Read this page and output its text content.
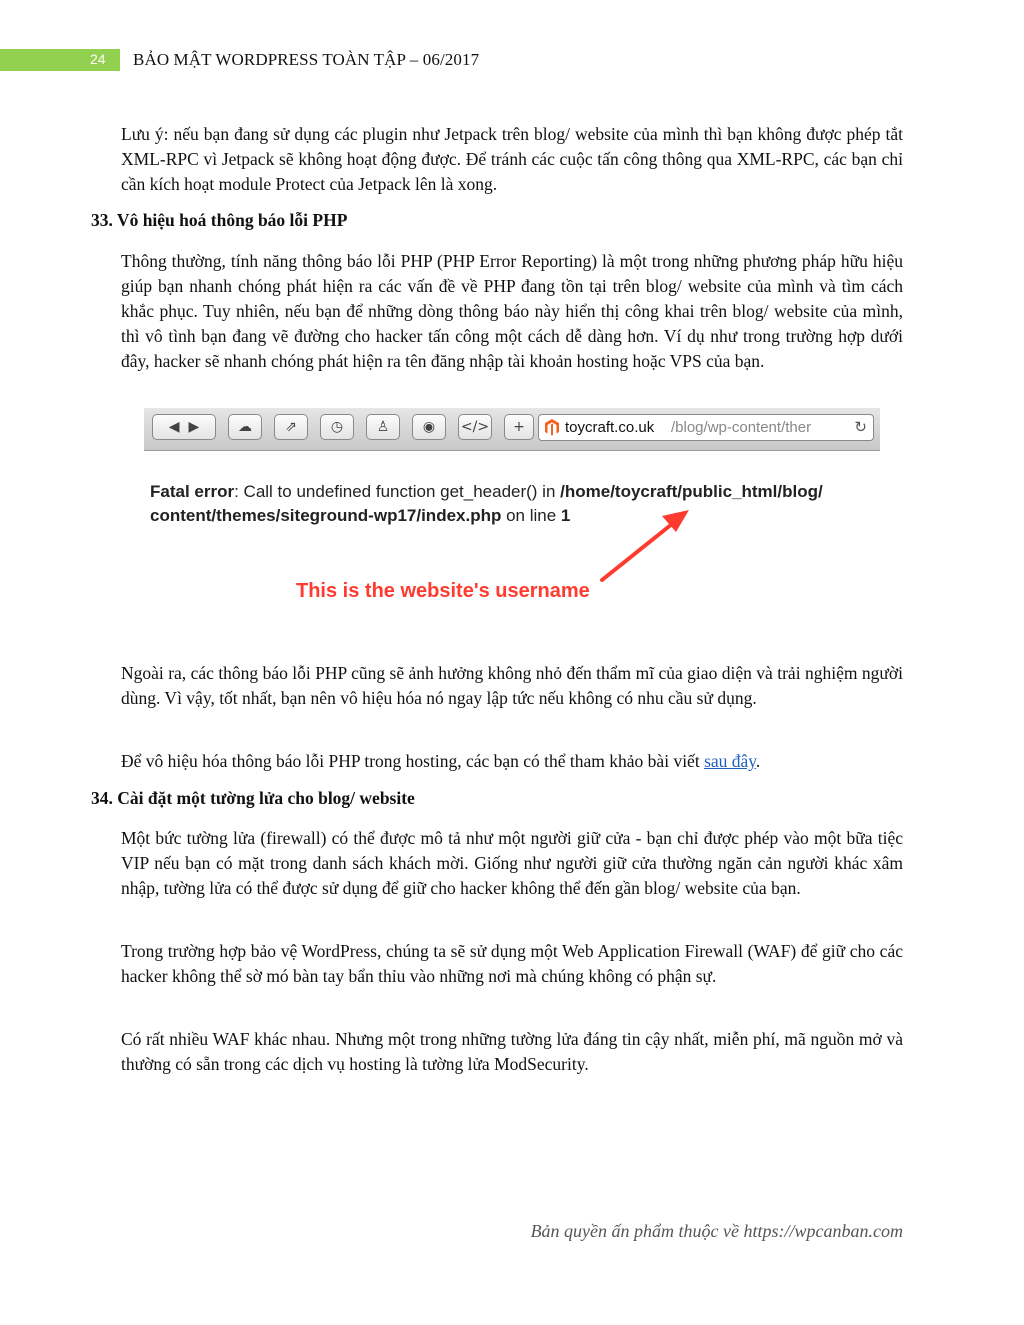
24 BẢO MẬT WORDPRESS TOÀN TẬP – 06/2017
Lưu ý: nếu bạn đang sử dụng các plugin như Jetpack trên blog/ website của mình thì bạn không được phép tắt XML-RPC vì Jetpack sẽ không hoạt động được. Để tránh các cuộc tấn công thông qua XML-RPC, các bạn chỉ cần kích hoạt module Protect của Jetpack lên là xong.
33. Vô hiệu hoá thông báo lỗi PHP
Thông thường, tính năng thông báo lỗi PHP (PHP Error Reporting) là một trong những phương pháp hữu hiệu giúp bạn nhanh chóng phát hiện ra các vấn đề về PHP đang tồn tại trên blog/ website của mình và tìm cách khắc phục. Tuy nhiên, nếu bạn để những dòng thông báo này hiển thị công khai trên blog/ website của mình, thì vô tình bạn đang vẽ đường cho hacker tấn công một cách dễ dàng hơn. Ví dụ như trong trường hợp dưới đây, hacker sẽ nhanh chóng phát hiện ra tên đăng nhập tài khoản hosting hoặc VPS của bạn.
◀
▶	☁ ⇗ ◷ ♙ ◉ </> +	toycraft.co.uk /blog/wp-content/ther	↻
Fatal error: Call to undefined function get_header() in /home/toycraft/public_html/blog/
content/themes/siteground-wp17/index.php on line 1
This is the website's username
Ngoài ra, các thông báo lỗi PHP cũng sẽ ảnh hưởng không nhỏ đến thẩm mĩ của giao diện và trải nghiệm người dùng. Vì vậy, tốt nhất, bạn nên vô hiệu hóa nó ngay lập tức nếu không có nhu cầu sử dụng.
Để vô hiệu hóa thông báo lỗi PHP trong hosting, các bạn có thể tham khảo bài viết sau đây.
34. Cài đặt một tường lửa cho blog/ website
Một bức tường lửa (firewall) có thể được mô tả như một người giữ cửa - bạn chỉ được phép vào một bữa tiệc VIP nếu bạn có mặt trong danh sách khách mời. Giống như người giữ cửa thường ngăn cản người khác xâm nhập, tường lửa có thể được sử dụng để giữ cho hacker không thể đến gần blog/ website của bạn.
Trong trường hợp bảo vệ WordPress, chúng ta sẽ sử dụng một Web Application Firewall (WAF) để giữ cho các hacker không thể sờ mó bàn tay bẩn thỉu vào những nơi mà chúng không có phận sự.
Có rất nhiều WAF khác nhau. Nhưng một trong những tường lửa đáng tin cậy nhất, miễn phí, mã nguồn mở và thường có sẵn trong các dịch vụ hosting là tường lửa ModSecurity.
Bản quyền ấn phẩm thuộc về https://wpcanban.com
